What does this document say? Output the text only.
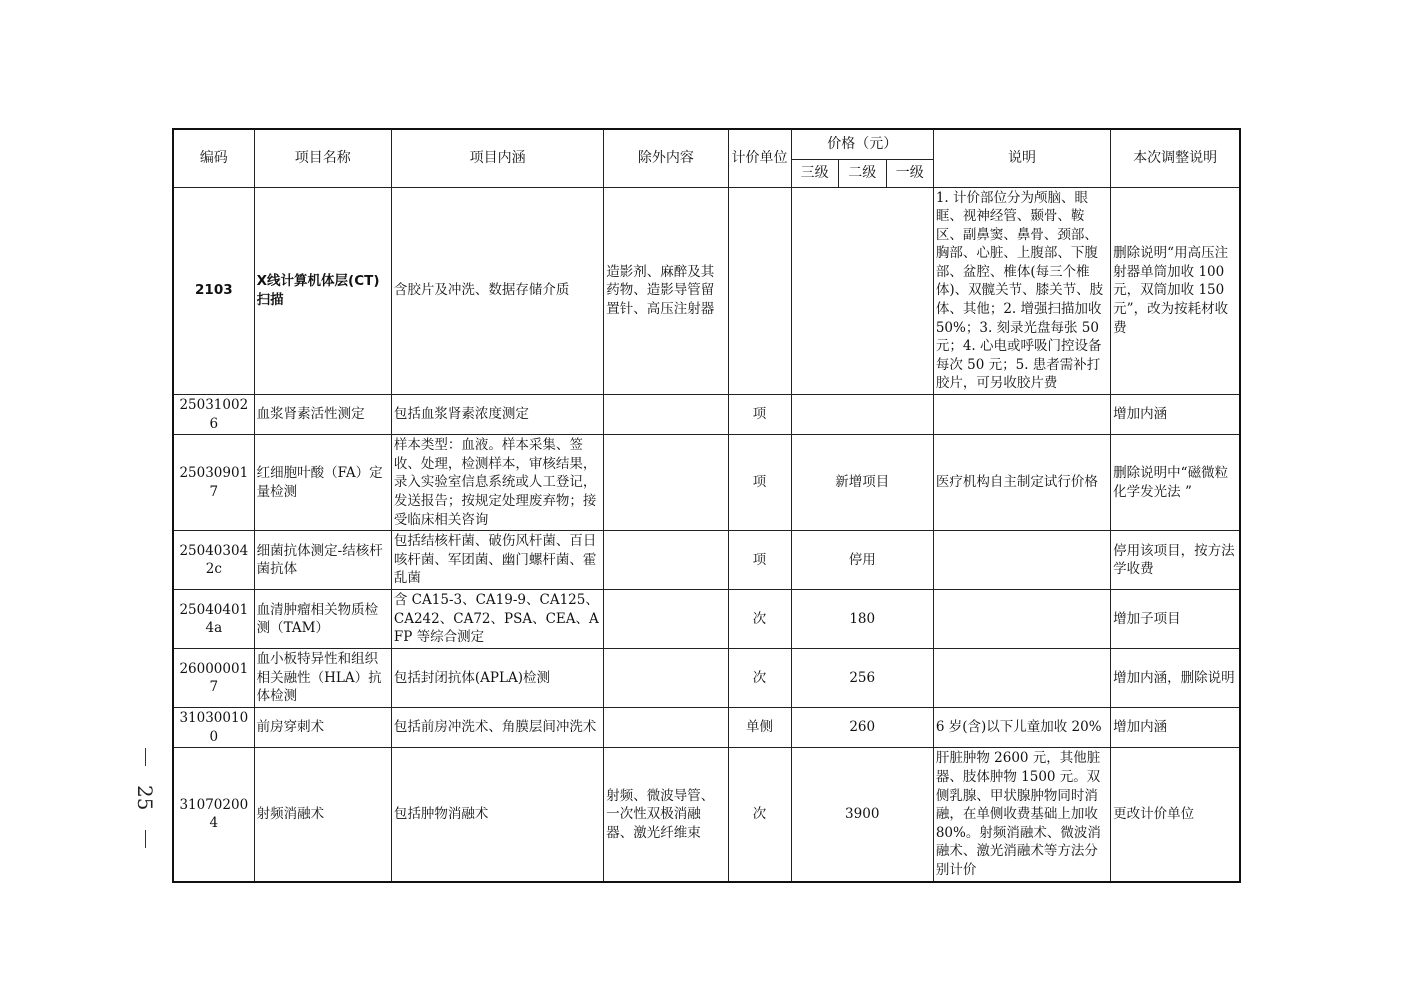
编码	项目名称	项目内涵	除外内容	计价单位	价格（元）			说明	本次调整说明
					三级	二级	一级		
2103	X线计算机体层(CT)扫描	含胶片及冲洗、数据存储介质	造影剂、麻醉及其药物、造影导管留置针、高压注射器					1. 计价部位分为颅脑、眼眶、视神经管、颞骨、鞍区、副鼻窦、鼻骨、颈部、胸部、心脏、上腹部、下腹部、盆腔、椎体(每三个椎体)、双髋关节、膝关节、肢体、其他；2. 增强扫描加收 50%；3. 刻录光盘每张 50 元；4. 心电或呼吸门控设备每次 50 元；5. 患者需补打胶片，可另收胶片费	删除说明“用高压注射器单筒加收 100 元，双筒加收 150 元”，改为按耗材收费
250310026	血浆肾素活性测定	包括血浆肾素浓度测定		项					增加内涵
250309017	红细胞叶酸（FA）定量检测	样本类型：血液。样本采集、签收、处理，检测样本，审核结果，录入实验室信息系统或人工登记，发送报告；按规定处理废弃物；接受临床相关咨询		项	新增项目			医疗机构自主制定试行价格	删除说明中“磁微粒化学发光法 ”
250403042c	细菌抗体测定-结核杆菌抗体	包括结核杆菌、破伤风杆菌、百日咳杆菌、军团菌、幽门螺杆菌、霍乱菌		项	停用				停用该项目，按方法学收费
250404014a	血清肿瘤相关物质检测（TAM）	含 CA15-3、CA19-9、CA125、CA242、CA72、PSA、CEA、AFP 等综合测定		次	180				增加子项目
260000017	血小板特异性和组织相关融性（HLA）抗体检测	包括封闭抗体(APLA)检测		次	256				增加内涵，删除说明
310300100	前房穿刺术	包括前房冲洗术、角膜层间冲洗术		单侧	260			6 岁(含)以下儿童加收 20%	增加内涵
310702004	射频消融术	包括肿物消融术	射频、微波导管、一次性双极消融器、激光纤维束	次	3900			肝脏肿物 2600 元，其他脏器、肢体肿物 1500 元。双侧乳腺、甲状腺肿物同时消融，在单侧收费基础上加收 80%。射频消融术、微波消融术、激光消融术等方法分别计价	更改计价单位
25
